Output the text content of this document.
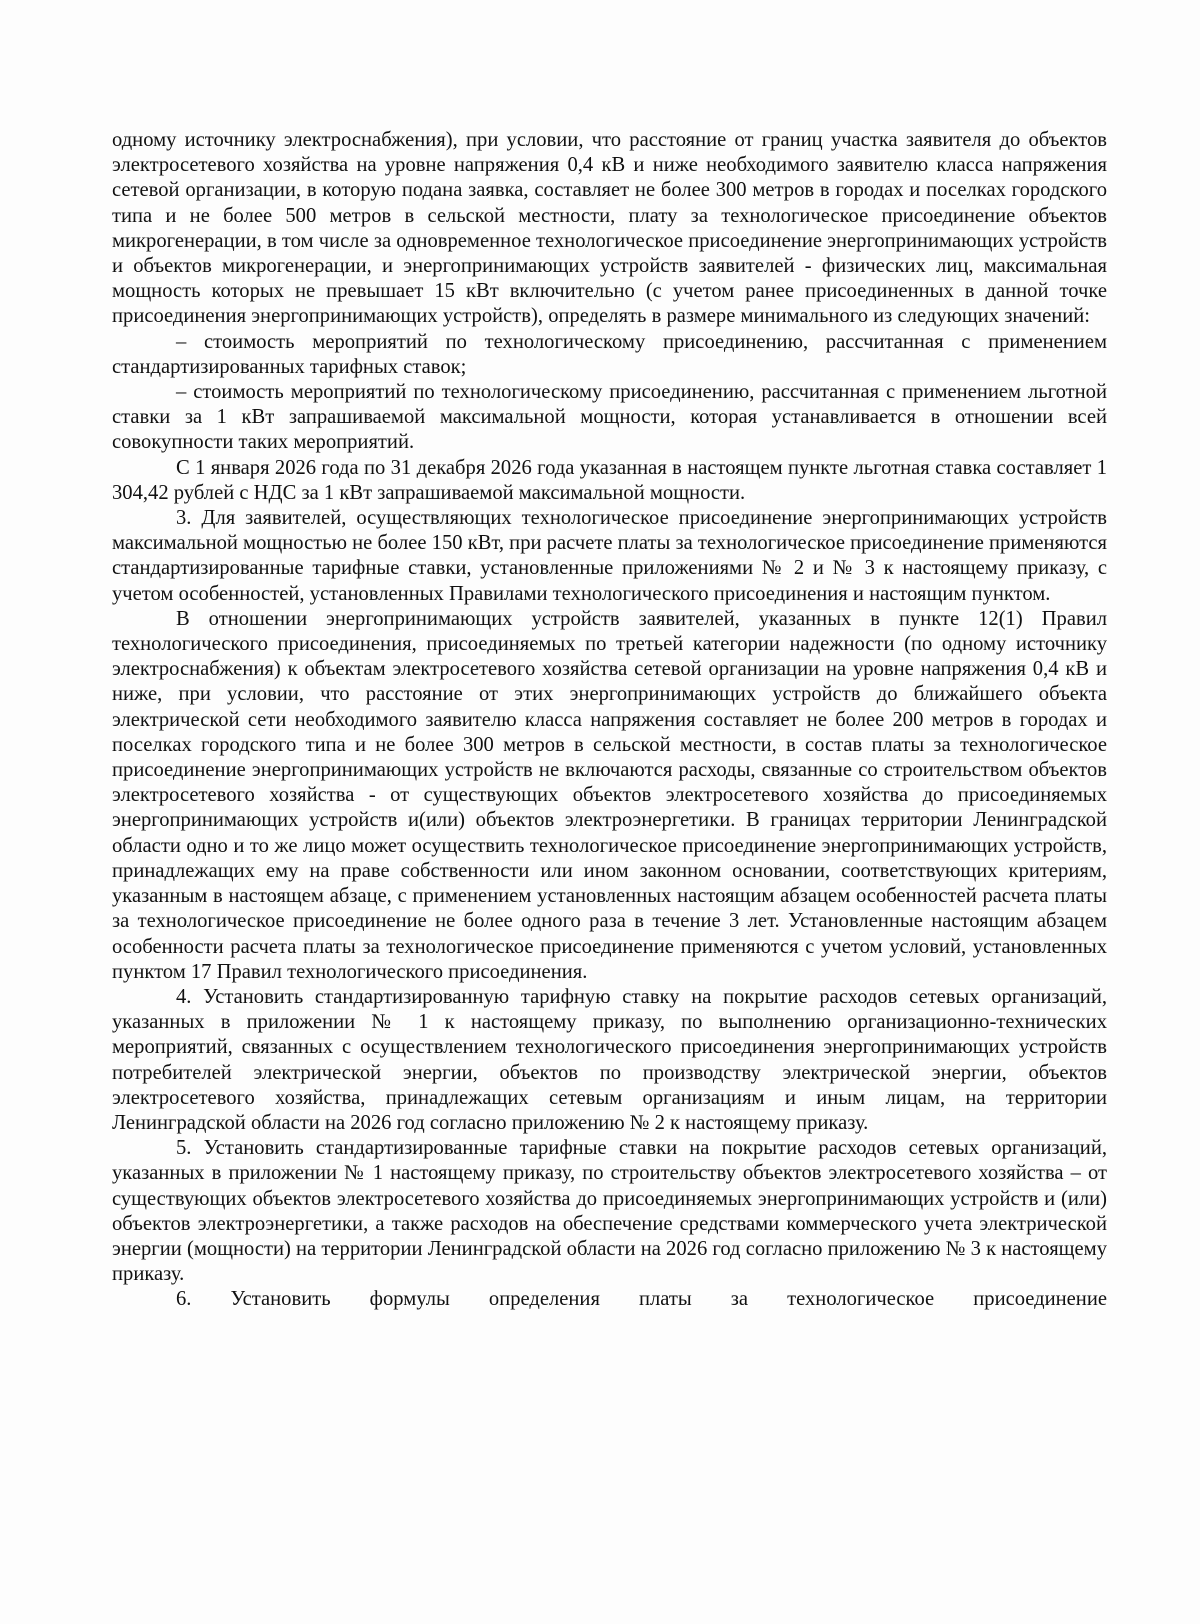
одному источнику электроснабжения), при условии, что расстояние от границ участка заявителя до объектов электросетевого хозяйства на уровне напряжения 0,4 кВ и ниже необходимого заявителю класса напряжения сетевой организации, в которую подана заявка, составляет не более 300 метров в городах и поселках городского типа и не более 500 метров в сельской местности, плату за технологическое присоединение объектов микрогенерации, в том числе за одновременное технологическое присоединение энергопринимающих устройств и объектов микрогенерации, и энергопринимающих устройств заявителей - физических лиц, максимальная мощность которых не превышает 15 кВт включительно (с учетом ранее присоединенных в данной точке присоединения энергопринимающих устройств), определять в размере минимального из следующих значений:

– стоимость мероприятий по технологическому присоединению, рассчитанная с применением стандартизированных тарифных ставок;

– стоимость мероприятий по технологическому присоединению, рассчитанная с применением льготной ставки за 1 кВт запрашиваемой максимальной мощности, которая устанавливается в отношении всей совокупности таких мероприятий.

С 1 января 2026 года по 31 декабря 2026 года указанная в настоящем пункте льготная ставка составляет 1 304,42 рублей с НДС за 1 кВт запрашиваемой максимальной мощности.

3. Для заявителей, осуществляющих технологическое присоединение энергопринимающих устройств максимальной мощностью не более 150 кВт, при расчете платы за технологическое присоединение применяются стандартизированные тарифные ставки, установленные приложениями № 2 и № 3 к настоящему приказу, с учетом особенностей, установленных Правилами технологического присоединения и настоящим пунктом.

В отношении энергопринимающих устройств заявителей, указанных в пункте 12(1) Правил технологического присоединения, присоединяемых по третьей категории надежности (по одному источнику электроснабжения) к объектам электросетевого хозяйства сетевой организации на уровне напряжения 0,4 кВ и ниже, при условии, что расстояние от этих энергопринимающих устройств до ближайшего объекта электрической сети необходимого заявителю класса напряжения составляет не более 200 метров в городах и поселках городского типа и не более 300 метров в сельской местности, в состав платы за технологическое присоединение энергопринимающих устройств не включаются расходы, связанные со строительством объектов электросетевого хозяйства - от существующих объектов электросетевого хозяйства до присоединяемых энергопринимающих устройств и(или) объектов электроэнергетики. В границах территории Ленинградской области одно и то же лицо может осуществить технологическое присоединение энергопринимающих устройств, принадлежащих ему на праве собственности или ином законном основании, соответствующих критериям, указанным в настоящем абзаце, с применением установленных настоящим абзацем особенностей расчета платы за технологическое присоединение не более одного раза в течение 3 лет. Установленные настоящим абзацем особенности расчета платы за технологическое присоединение применяются с учетом условий, установленных пунктом 17 Правил технологического присоединения.

4. Установить стандартизированную тарифную ставку на покрытие расходов сетевых организаций, указанных в приложении № 1 к настоящему приказу, по выполнению организационно-технических мероприятий, связанных с осуществлением технологического присоединения энергопринимающих устройств потребителей электрической энергии, объектов по производству электрической энергии, объектов электросетевого хозяйства, принадлежащих сетевым организациям и иным лицам, на территории Ленинградской области на 2026 год согласно приложению № 2 к настоящему приказу.

5. Установить стандартизированные тарифные ставки на покрытие расходов сетевых организаций, указанных в приложении № 1 настоящему приказу, по строительству объектов электросетевого хозяйства – от существующих объектов электросетевого хозяйства до присоединяемых энергопринимающих устройств и (или) объектов электроэнергетики, а также расходов на обеспечение средствами коммерческого учета электрической энергии (мощности) на территории Ленинградской области на 2026 год согласно приложению № 3 к настоящему приказу.

6. Установить формулы определения платы за технологическое присоединение
